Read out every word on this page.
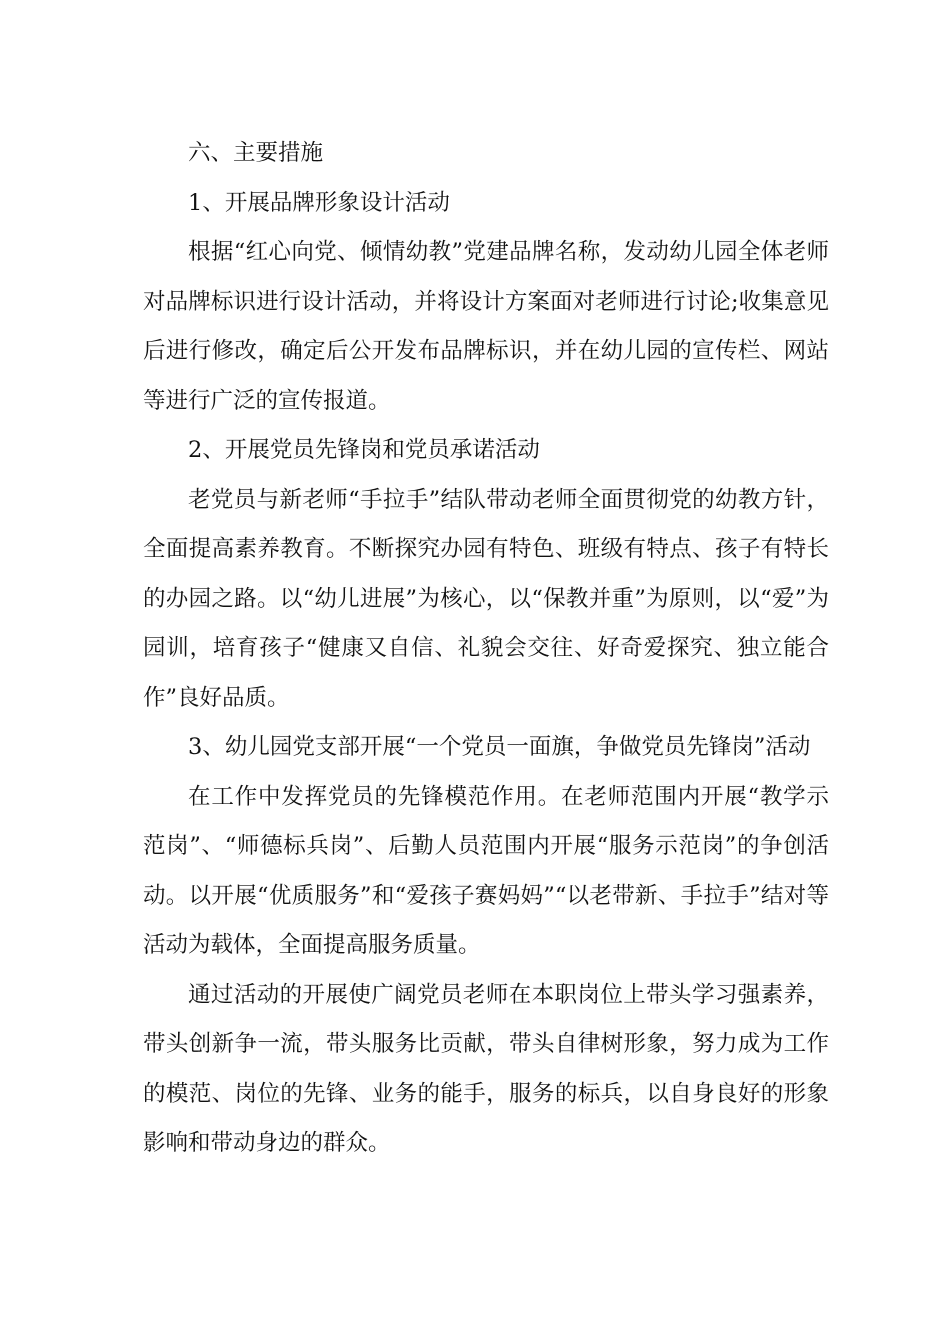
六、主要措施
1、开展品牌形象设计活动

根据“红心向党、倾情幼教”党建品牌名称，发动幼儿园全体老师对品牌标识进行设计活动，并将设计方案面对老师进行讨论;收集意见后进行修改，确定后公开发布品牌标识，并在幼儿园的宣传栏、网站等进行广泛的宣传报道。

2、开展党员先锋岗和党员承诺活动

老党员与新老师“手拉手”结队带动老师全面贯彻党的幼教方针，全面提高素养教育。不断探究办园有特色、班级有特点、孩子有特长的办园之路。以“幼儿进展”为核心，以“保教并重”为原则，以“爱”为园训，培育孩子“健康又自信、礼貌会交往、好奇爱探究、独立能合作”良好品质。

3、幼儿园党支部开展“一个党员一面旗，争做党员先锋岗”活动

在工作中发挥党员的先锋模范作用。在老师范围内开展“教学示范岗”、“师德标兵岗”、后勤人员范围内开展“服务示范岗”的争创活动。以开展“优质服务”和“爱孩子赛妈妈”“以老带新、手拉手”结对等活动为载体，全面提高服务质量。

通过活动的开展使广阔党员老师在本职岗位上带头学习强素养，带头创新争一流，带头服务比贡献，带头自律树形象，努力成为工作的模范、岗位的先锋、业务的能手，服务的标兵，以自身良好的形象影响和带动身边的群众。
